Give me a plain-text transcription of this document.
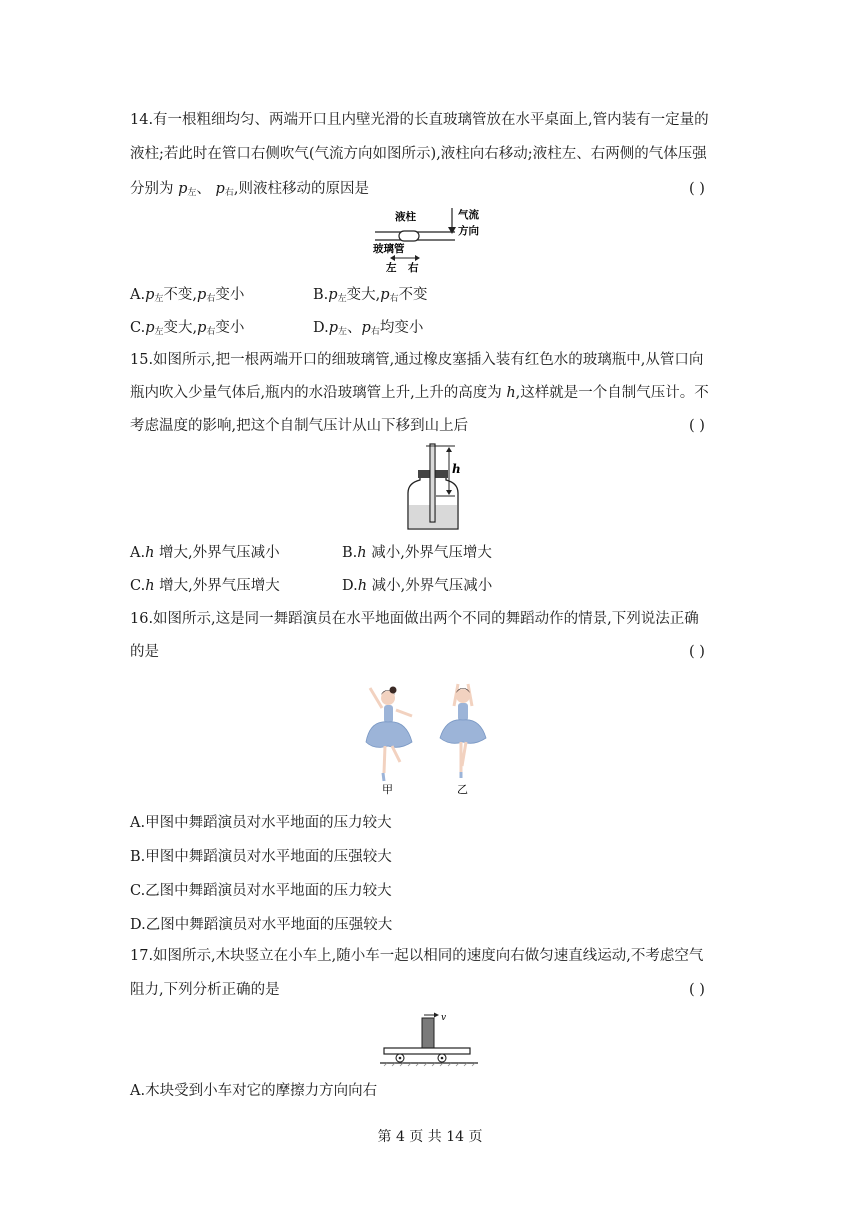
14.有一根粗细均匀、两端开口且内壁光滑的长直玻璃管放在水平桌面上,管内装有一定量的
液柱;若此时在管口右侧吹气(气流方向如图所示),液柱向右移动;液柱左、右两侧的气体压强
分别为 $p_左$、 $p_右$,则液柱移动的原因是	( )
液柱	气流
方向
玻璃管
左 右
$A.p_左$不变$,p_右$变小	$B.p_左$变大$,p_右$不变
$C.p_左$变大$,p_右$变小	$D.p_左$、$p_右$均变小
15.如图所示,把一根两端开口的细玻璃管,通过橡皮塞插入装有红色水的玻璃瓶中,从管口向
瓶内吹入少量气体后,瓶内的水沿玻璃管上升,上升的高度为 h,这样就是一个自制气压计。不
考虑温度的影响,把这个自制气压计从山下移到山上后	( )
h
A.h 增大,外界气压减小	B.h 减小,外界气压增大
C.h 增大,外界气压增大	D.h 减小,外界气压减小
16.如图所示,这是同一舞蹈演员在水平地面做出两个不同的舞蹈动作的情景,下列说法正确
的是	( )
甲	乙
A.甲图中舞蹈演员对水平地面的压力较大
B.甲图中舞蹈演员对水平地面的压强较大
C.乙图中舞蹈演员对水平地面的压力较大
D.乙图中舞蹈演员对水平地面的压强较大
17.如图所示,木块竖立在小车上,随小车一起以相同的速度向右做匀速直线运动,不考虑空气
阻力,下列分析正确的是	( )
v
A.木块受到小车对它的摩擦力方向向右
第 4 页 共 14 页
